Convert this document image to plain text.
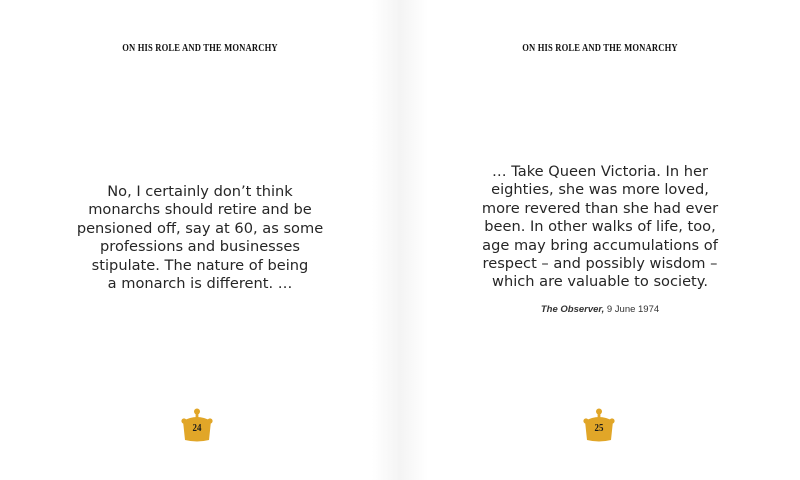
ON HIS ROLE AND THE MONARCHY
No, I certainly don’t think
monarchs should retire and be
pensioned off, say at 60, as some
professions and businesses
stipulate. The nature of being
a monarch is different. …
24
ON HIS ROLE AND THE MONARCHY
… Take Queen Victoria. In her
eighties, she was more loved,
more revered than she had ever
been. In other walks of life, too,
age may bring accumulations of
respect – and possibly wisdom –
which are valuable to society.
The Observer, 9 June 1974
25
